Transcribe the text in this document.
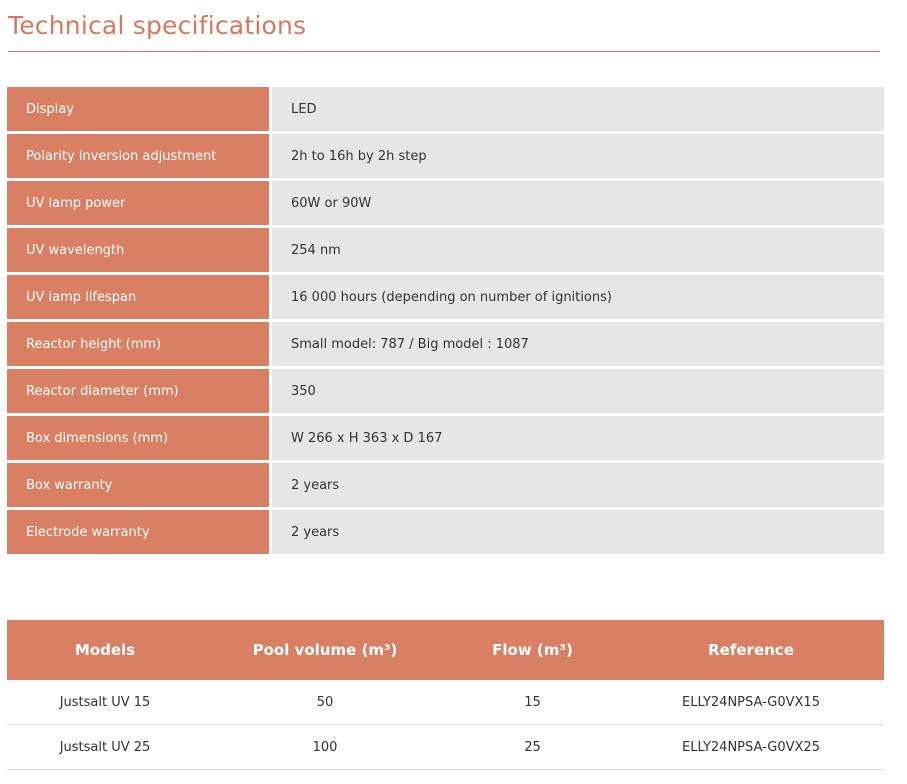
Technical specifications
Display	LED
Polarity inversion adjustment	2h to 16h by 2h step
UV lamp power	60W or 90W
UV wavelength	254 nm
UV lamp lifespan	16 000 hours (depending on number of ignitions)
Reactor height (mm)	Small model: 787 / Big model : 1087
Reactor diameter (mm)	350
Box dimensions (mm)	W 266 x H 363 x D 167
Box warranty	2 years
Electrode warranty	2 years
Models	Pool volume (m³)	Flow (m³)	Reference
Justsalt UV 15	50	15	ELLY24NPSA-G0VX15
Justsalt UV 25	100	25	ELLY24NPSA-G0VX25
